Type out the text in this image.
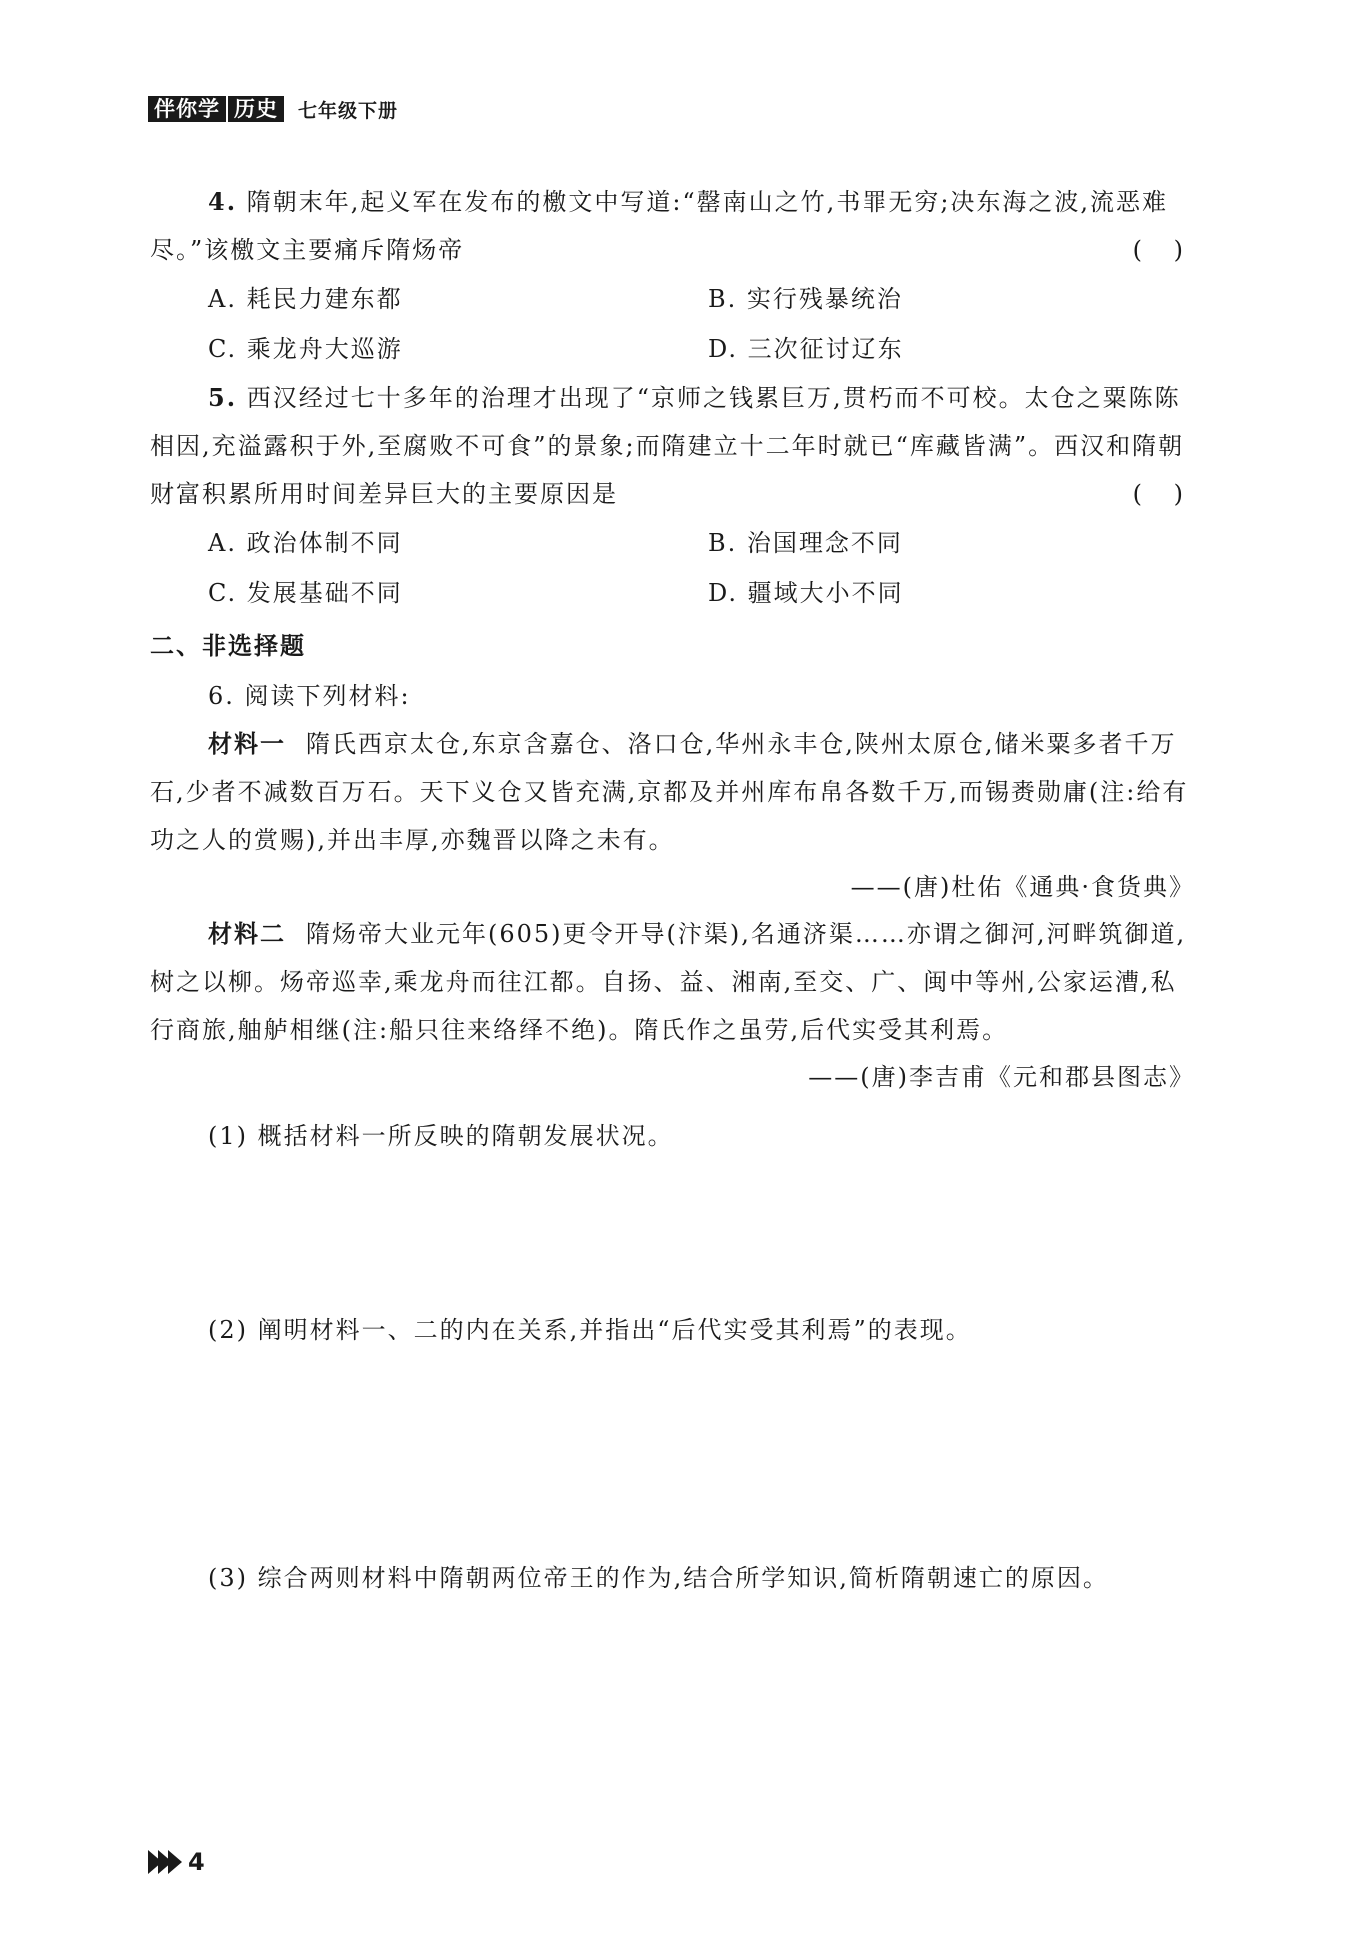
伴你学 历史 七年级下册
4. 隋朝末年,起义军在发布的檄文中写道:“罄南山之竹,书罪无穷;决东海之波,流恶难尽。”该檄文主要痛斥隋炀帝	( )
A. 耗民力建东都	B. 实行残暴统治
C. 乘龙舟大巡游	D. 三次征讨辽东
5. 西汉经过七十多年的治理才出现了“京师之钱累巨万,贯朽而不可校。太仓之粟陈陈相因,充溢露积于外,至腐败不可食”的景象;而隋建立十二年时就已“库藏皆满”。西汉和隋朝财富积累所用时间差异巨大的主要原因是	( )
A. 政治体制不同	B. 治国理念不同
C. 发展基础不同	D. 疆域大小不同
二、非选择题
6. 阅读下列材料:
材料一 隋氏西京太仓,东京含嘉仓、洛口仓,华州永丰仓,陕州太原仓,储米粟多者千万石,少者不减数百万石。天下义仓又皆充满,京都及并州库布帛各数千万,而锡赉勋庸(注:给有功之人的赏赐),并出丰厚,亦魏晋以降之未有。
——(唐)杜佑《通典·食货典》
材料二 隋炀帝大业元年(605)更令开导(汴渠),名通济渠……亦谓之御河,河畔筑御道,树之以柳。炀帝巡幸,乘龙舟而往江都。自扬、益、湘南,至交、广、闽中等州,公家运漕,私行商旅,舳舻相继(注:船只往来络绎不绝)。隋氏作之虽劳,后代实受其利焉。
——(唐)李吉甫《元和郡县图志》
(1) 概括材料一所反映的隋朝发展状况。
(2) 阐明材料一、二的内在关系,并指出“后代实受其利焉”的表现。
(3) 综合两则材料中隋朝两位帝王的作为,结合所学知识,简析隋朝速亡的原因。
4
